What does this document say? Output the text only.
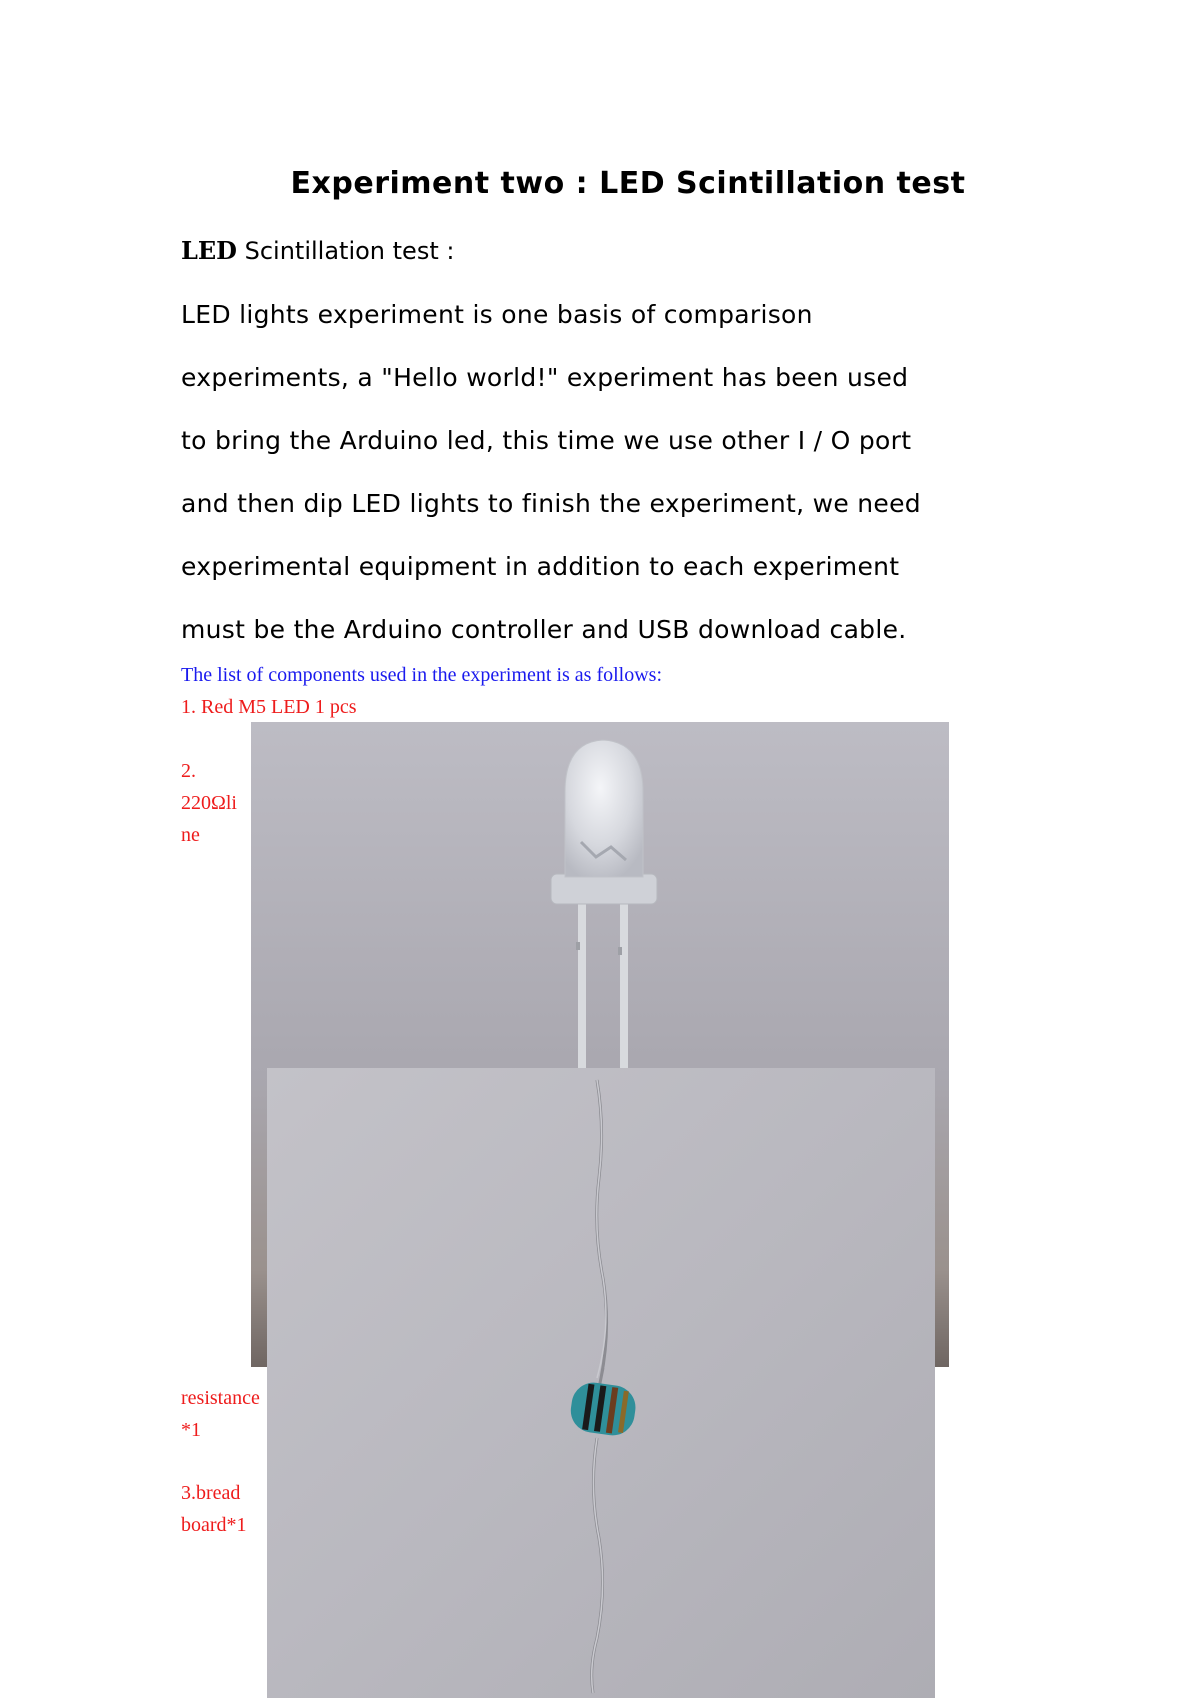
Experiment two : LED Scintillation test
LED Scintillation test :
LED lights experiment is one basis of comparison
experiments, a "Hello world!" experiment has been used
to bring the Arduino led, this time we use other I / O port
and then dip LED lights to finish the experiment, we need
experimental equipment in addition to each experiment
must be the Arduino controller and USB download cable.
The list of components used in the experiment is as follows:
1. Red M5 LED 1 pcs
2.
220Ωli
ne
resistance
*1
3.bread
board*1
